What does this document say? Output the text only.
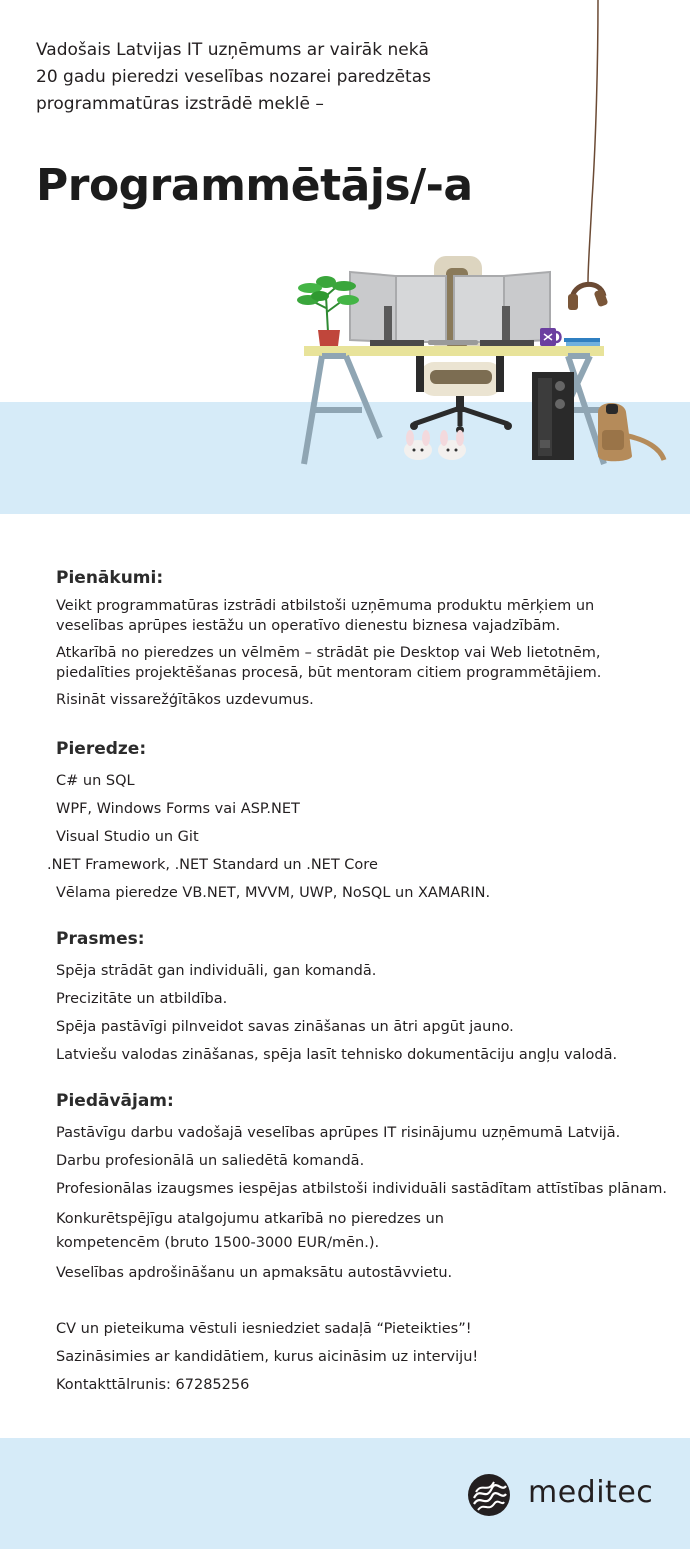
Vadošais Latvijas IT uzņēmums ar vairāk nekā
20 gadu pieredzi veselības nozarei paredzētas
programmatūras izstrādē meklē –
Programmētājs/-a
Pienākumi:
Veikt programmatūras izstrādi atbilstoši uzņēmuma produktu mērķiem un
veselības aprūpes iestāžu un operatīvo dienestu biznesa vajadzībām.
Atkarībā no pieredzes un vēlmēm – strādāt pie Desktop vai Web lietotnēm,
piedalīties projektēšanas procesā, būt mentoram citiem programmētājiem.
Risināt vissarežģītākos uzdevumus.
Pieredze:
C# un SQL
WPF, Windows Forms vai ASP.NET
Visual Studio un Git
.NET Framework, .NET Standard un .NET Core
Vēlama pieredze VB.NET, MVVM, UWP, NoSQL un XAMARIN.
Prasmes:
Spēja strādāt gan individuāli, gan komandā.
Precizitāte un atbildība.
Spēja pastāvīgi pilnveidot savas zināšanas un ātri apgūt jauno.
Latviešu valodas zināšanas, spēja lasīt tehnisko dokumentāciju angļu valodā.
Piedāvājam:
Pastāvīgu darbu vadošajā veselības aprūpes IT risinājumu uzņēmumā Latvijā.
Darbu profesionālā un saliedētā komandā.
Profesionālas izaugsmes iespējas atbilstoši individuāli sastādītam attīstības plānam.
Konkurētspējīgu atalgojumu atkarībā no pieredzes un
kompetencēm (bruto 1500-3000 EUR/mēn.).
Veselības apdrošināšanu un apmaksātu autostāvvietu.
CV un pieteikuma vēstuli iesniedziet sadaļā “Pieteikties”!
Sazināsimies ar kandidātiem, kurus aicināsim uz interviju!
Kontakttālrunis: 67285256
meditec
